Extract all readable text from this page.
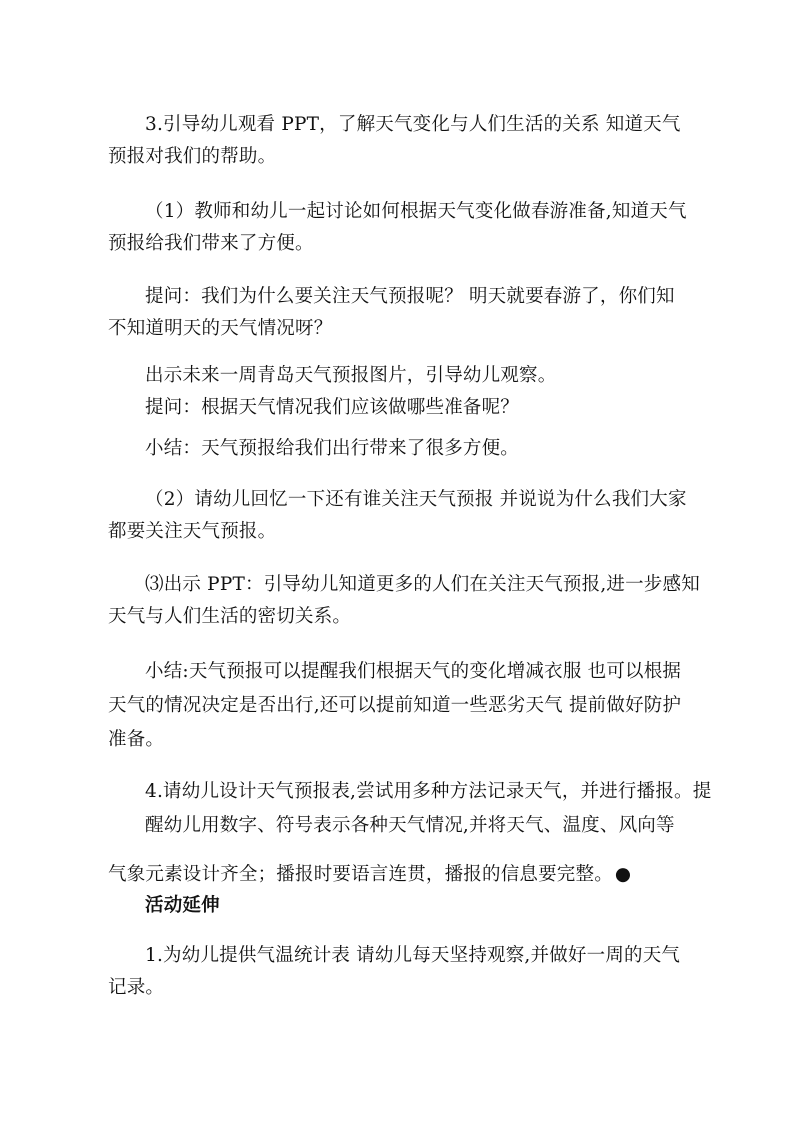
3.引导幼儿观看 PPT，了解天气变化与人们生活的关系 知道天气
预报对我们的帮助。
（1）教师和幼儿一起讨论如何根据天气变化做春游准备,知道天气
预报给我们带来了方便。
提问：我们为什么要关注天气预报呢？ 明天就要春游了，你们知
不知道明天的天气情况呀？
出示未来一周青岛天气预报图片，引导幼儿观察。
提问：根据天气情况我们应该做哪些准备呢？
小结：天气预报给我们出行带来了很多方便。
（2）请幼儿回忆一下还有谁关注天气预报 并说说为什么我们大家
都要关注天气预报。
⑶出示 PPT：引导幼儿知道更多的人们在关注天气预报,进一步感知
天气与人们生活的密切关系。
小结:天气预报可以提醒我们根据天气的变化增减衣服 也可以根据
天气的情况决定是否出行,还可以提前知道一些恶劣天气 提前做好防护
准备。
4.请幼儿设计天气预报表,尝试用多种方法记录天气，并进行播报。提
醒幼儿用数字、符号表示各种天气情况,并将天气、温度、风向等
气象元素设计齐全；播报时要语言连贯，播报的信息要完整。 ●
活动延伸
1.为幼儿提供气温统计表 请幼儿每天坚持观察,并做好一周的天气
记录。
